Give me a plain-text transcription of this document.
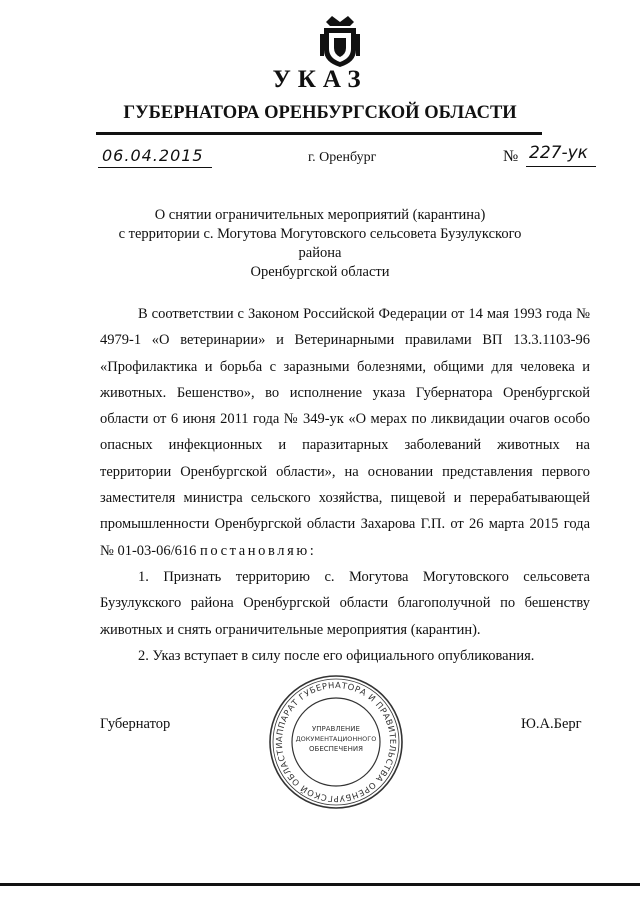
УКАЗ
ГУБЕРНАТОРА ОРЕНБУРГСКОЙ ОБЛАСТИ
06.04.2015	г. Оренбург	№ 227-ук
О снятии ограничительных мероприятий (карантина)
с территории с. Могутова Могутовского сельсовета Бузулукского района
Оренбургской области

В соответствии с Законом Российской Федерации от 14 мая 1993 года № 4979-1 «О ветеринарии» и Ветеринарными правилами ВП 13.3.1103-96 «Профилактика и борьба с заразными болезнями, общими для человека и животных. Бешенство», во исполнение указа Губернатора Оренбургской области от 6 июня 2011 года № 349-ук «О мерах по ликвидации очагов особо опасных инфекционных и паразитарных заболеваний животных на территории Оренбургской области», на основании представления первого заместителя министра сельского хозяйства, пищевой и перерабатывающей промышленности Оренбургской области Захарова Г.П. от 26 марта 2015 года № 01-03-06/616 постановляю:

1. Признать территорию с. Могутова Могутовского сельсовета Бузулукского района Оренбургской области благополучной по бешенству животных и снять ограничительные мероприятия (карантин).

2. Указ вступает в силу после его официального опубликования.

Губернатор	Ю.А.Берг
АППАРАТ ГУБЕРНАТОРА И ПРАВИТЕЛЬСТВА ОРЕНБУРГСКОЙ ОБЛАСТИ
УПРАВЛЕНИЕ
ДОКУМЕНТАЦИОННОГО
ОБЕСПЕЧЕНИЯ
